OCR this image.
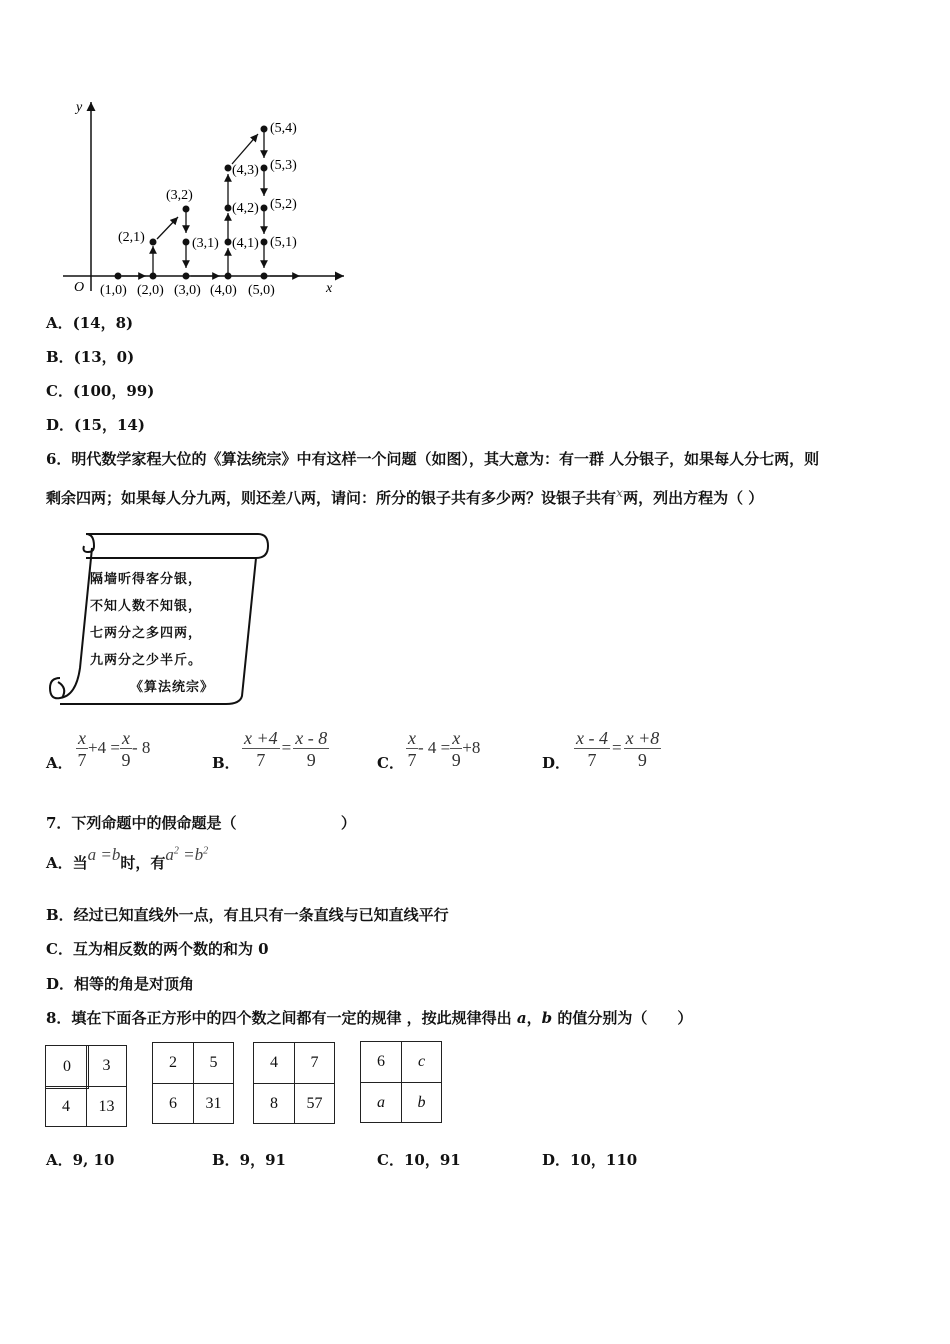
y
x
O (1,0) (2,0) (3,0) (4,0) (5,0)
(2,1)
(3,2)
(3,1) (4,1)
(4,2)
(4,3)
(5,1)
(5,2)
(5,3)
(5,4)
A．(14，8)
B．(13，0)
C．(100，99)
D．(15，14)
6．明代数学家程大位的《算法统宗》中有这样一个问题（如图），其大意为：有一群 人分银子，如果每人分七两，则
剩余四两；如果每人分九两，则还差八两，请问：所分的银子共有多少两？设银子共有$^x$两，列出方程为（ ）
隔墙听得客分银，
不知人数不知银，
七两分之多四两，
九两分之少半斤。
《算法统宗》
A． $\frac{x}{7} +4 = \frac{x}{9} - 8$
B． $\frac{x +4}{7} = \frac{x - 8}{9}$	C． $\frac{x}{7} - 4 = \frac{x}{9} +8$
D． $\frac{x - 4}{7} = \frac{x +8}{9}$
7．下列命题中的假命题是（                    ）
A．当a =b时，有$a^2 =b^2$
B．经过已知直线外一点，有且只有一条直线与已知直线平行
C．互为相反数的两个数的和为 0
D．相等的角是对顶角
8．填在下面各正方形中的四个数之间都有一定的规律 ，按此规律得出 a，b 的值分别为（　　）
0	3
4	13
2	5
6	31
4	7
8	57
6	c
a	b
A．9, 10	B．9，91	C．10，91	D．10，110
